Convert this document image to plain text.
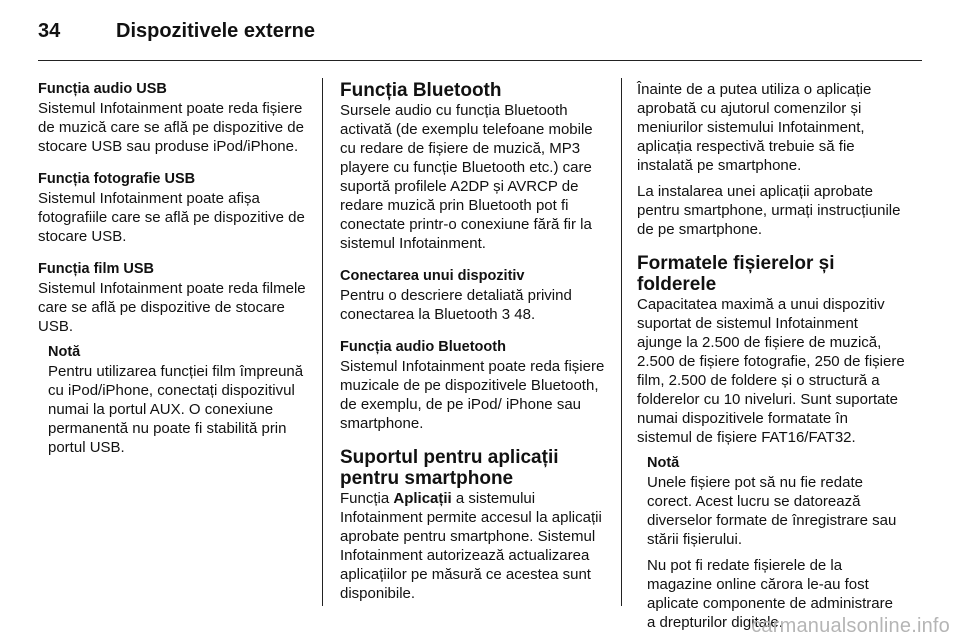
34	Dispozitivele externe

Funcția audio USB

Sistemul Infotainment poate reda fișiere de muzică care se află pe dispozitive de stocare USB sau produse iPod/iPhone.

Funcția fotografie USB

Sistemul Infotainment poate afișa fotografiile care se află pe dispozitive de stocare USB.

Funcția film USB

Sistemul Infotainment poate reda filmele care se află pe dispozitive de stocare USB.

Notă

Pentru utilizarea funcției film împreună cu iPod/iPhone, conectați dispozitivul numai la portul AUX. O conexiune permanentă nu poate fi stabilită prin portul USB.

Funcția Bluetooth

Sursele audio cu funcția Bluetooth activată (de exemplu telefoane mobile cu redare de fișiere de muzică, MP3 playere cu funcție Bluetooth etc.) care suportă profilele A2DP și AVRCP de redare muzică prin Bluetooth pot fi conectate printr-o conexiune fără fir la sistemul Infotainment.

Conectarea unui dispozitiv

Pentru o descriere detaliată privind conectarea la Bluetooth 3 48.

Funcția audio Bluetooth

Sistemul Infotainment poate reda fișiere muzicale de pe dispozitivele Bluetooth, de exemplu, de pe iPod/ iPhone sau smartphone.

Suportul pentru aplicații pentru smartphone

Funcția Aplicații a sistemului Infotainment permite accesul la aplicații aprobate pentru smartphone. Sistemul Infotainment autorizează actualizarea aplicațiilor pe măsură ce acestea sunt disponibile.

Înainte de a putea utiliza o aplicație aprobată cu ajutorul comenzilor și meniurilor sistemului Infotainment, aplicația respectivă trebuie să fie instalată pe smartphone.

La instalarea unei aplicații aprobate pentru smartphone, urmați instrucțiunile de pe smartphone.

Formatele fișierelor și folderele

Capacitatea maximă a unui dispozitiv suportat de sistemul Infotainment ajunge la 2.500 de fișiere de muzică, 2.500 de fișiere fotografie, 250 de fișiere film, 2.500 de foldere și o structură a folderelor cu 10 niveluri. Sunt suportate numai dispozitivele formatate în sistemul de fișiere FAT16/FAT32.

Notă

Unele fișiere pot să nu fie redate corect. Acest lucru se datorează diverselor formate de înregistrare sau stării fișierului.

Nu pot fi redate fișierele de la magazine online cărora le-au fost aplicate componente de administrare a drepturilor digitale.

carmanualsonline.info
